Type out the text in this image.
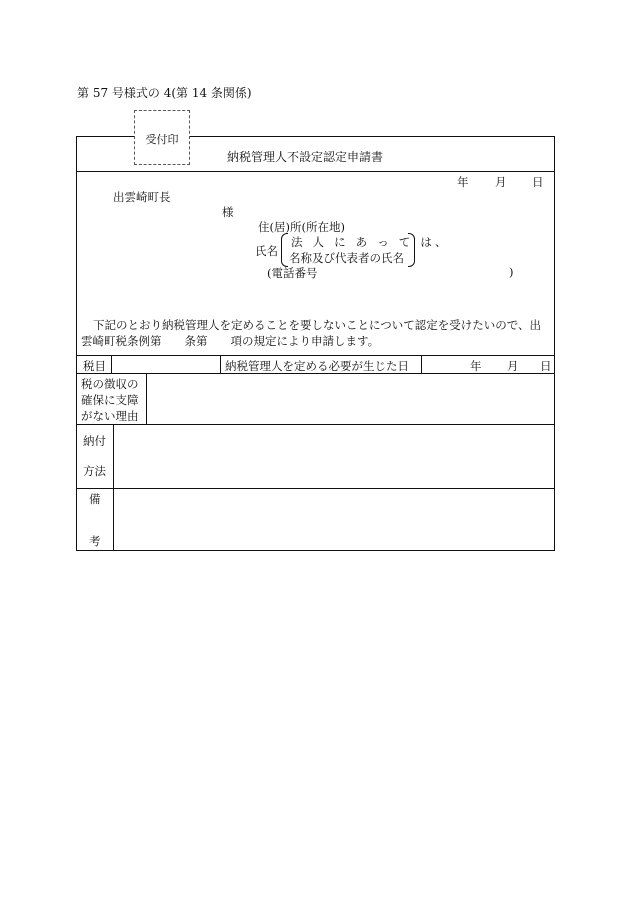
第 57 号様式の 4(第 14 条関係)
受付印
納税管理人不設定認定申請書
年 月 日
出雲崎町長
様
住(居)所(所在地)
氏名
法 人 に あ っ て は、
名称及び代表者の氏名
(電話番号	)
下記のとおり納税管理人を定めることを要しないことについて認定を受けたいので、出
雲崎町税条例第　　条第　　項の規定により申請します。
税目	納税管理人を定める必要が生じた日	年 月 日
税の徴収の
確保に支障
がない理由
納付
方法
備
考
